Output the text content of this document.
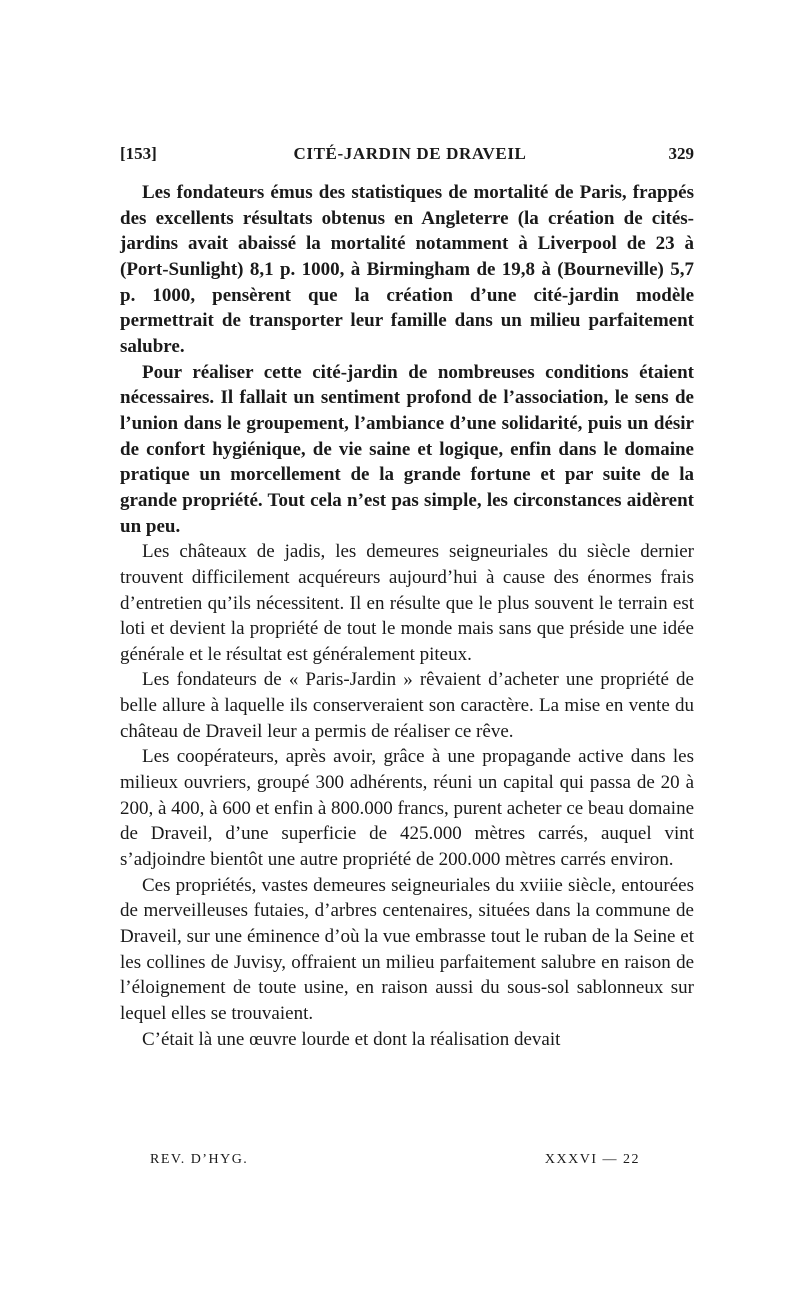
[153]	CITÉ-JARDIN DE DRAVEIL	329

Les fondateurs émus des statistiques de mortalité de Paris, frappés des excellents résultats obtenus en Angleterre (la création de cités-jardins avait abaissé la mortalité notamment à Liverpool de 23 à (Port-Sunlight) 8,1 p. 1000, à Birmingham de 19,8 à (Bourneville) 5,7 p. 1000, pensèrent que la création d’une cité-jardin modèle permettrait de transporter leur famille dans un milieu parfaitement salubre.

Pour réaliser cette cité-jardin de nombreuses conditions étaient nécessaires. Il fallait un sentiment profond de l’association, le sens de l’union dans le groupement, l’ambiance d’une solidarité, puis un désir de confort hygiénique, de vie saine et logique, enfin dans le domaine pratique un morcellement de la grande fortune et par suite de la grande propriété. Tout cela n’est pas simple, les circonstances aidèrent un peu.

Les châteaux de jadis, les demeures seigneuriales du siècle dernier trouvent difficilement acquéreurs aujourd’hui à cause des énormes frais d’entretien qu’ils nécessitent. Il en résulte que le plus souvent le terrain est loti et devient la propriété de tout le monde mais sans que préside une idée générale et le résultat est généralement piteux.

Les fondateurs de « Paris-Jardin » rêvaient d’acheter une propriété de belle allure à laquelle ils conserveraient son caractère. La mise en vente du château de Draveil leur a permis de réaliser ce rêve.

Les coopérateurs, après avoir, grâce à une propagande active dans les milieux ouvriers, groupé 300 adhérents, réuni un capital qui passa de 20 à 200, à 400, à 600 et enfin à 800.000 francs, purent acheter ce beau domaine de Draveil, d’une superficie de 425.000 mètres carrés, auquel vint s’adjoindre bientôt une autre propriété de 200.000 mètres carrés environ.

Ces propriétés, vastes demeures seigneuriales du xviiie siècle, entourées de merveilleuses futaies, d’arbres centenaires, situées dans la commune de Draveil, sur une éminence d’où la vue embrasse tout le ruban de la Seine et les collines de Juvisy, offraient un milieu parfaitement salubre en raison de l’éloignement de toute usine, en raison aussi du sous-sol sablonneux sur lequel elles se trouvaient.

C’était là une œuvre lourde et dont la réalisation devait

REV. D’HYG.	XXXVI — 22
